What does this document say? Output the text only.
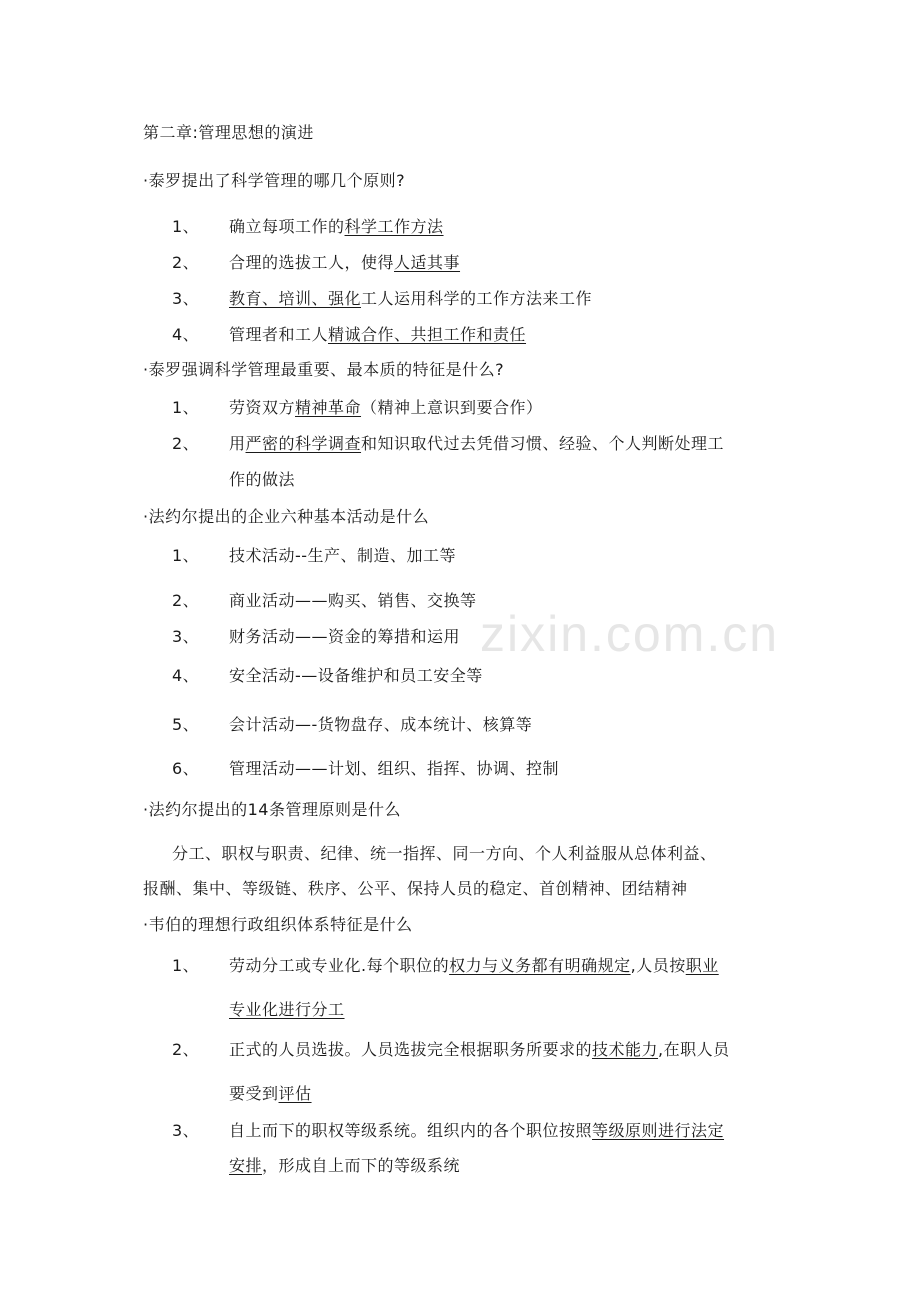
zixin.com.cn
第二章:管理思想的演进
·泰罗提出了科学管理的哪几个原则?
1、 确立每项工作的科学工作方法
2、 合理的选拔工人，使得人适其事
3、 教育、培训、强化工人运用科学的工作方法来工作
4、 管理者和工人精诚合作、共担工作和责任
·泰罗强调科学管理最重要、最本质的特征是什么?
1、 劳资双方精神革命（精神上意识到要合作）
2、 用严密的科学调查和知识取代过去凭借习惯、经验、个人判断处理工
作的做法
·法约尔提出的企业六种基本活动是什么
1、 技术活动--生产、制造、加工等
2、 商业活动——购买、销售、交换等
3、 财务活动——资金的筹措和运用
4、 安全活动-—设备维护和员工安全等
5、 会计活动—-货物盘存、成本统计、核算等
6、 管理活动——计划、组织、指挥、协调、控制
·法约尔提出的14条管理原则是什么
分工、职权与职责、纪律、统一指挥、同一方向、个人利益服从总体利益、
报酬、集中、等级链、秩序、公平、保持人员的稳定、首创精神、团结精神
·韦伯的理想行政组织体系特征是什么
1、 劳动分工或专业化.每个职位的权力与义务都有明确规定,人员按职业
专业化进行分工
2、 正式的人员选拔。人员选拔完全根据职务所要求的技术能力,在职人员
要受到评估
3、 自上而下的职权等级系统。组织内的各个职位按照等级原则进行法定
安排，形成自上而下的等级系统
